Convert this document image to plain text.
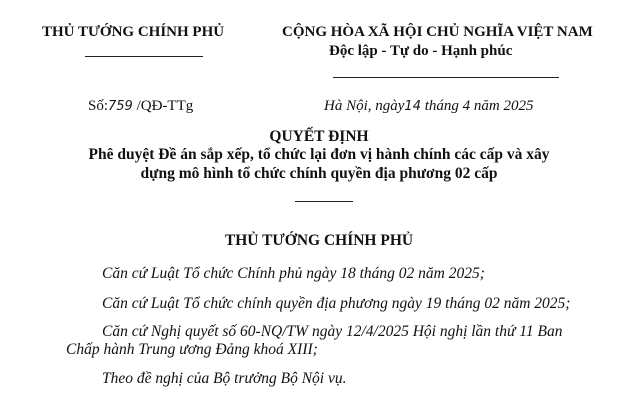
THỦ TƯỚNG CHÍNH PHỦ	CỘNG HÒA XÃ HỘI CHỦ NGHĨA VIỆT NAM
Độc lập - Tự do - Hạnh phúc
Số:759 /QĐ-TTg	Hà Nội, ngày14 tháng 4 năm 2025
QUYẾT ĐỊNH
Phê duyệt Đề án sắp xếp, tổ chức lại đơn vị hành chính các cấp và xây
dựng mô hình tổ chức chính quyền địa phương 02 cấp
THỦ TƯỚNG CHÍNH PHỦ
Căn cứ Luật Tổ chức Chính phủ ngày 18 tháng 02 năm 2025;
Căn cứ Luật Tổ chức chính quyền địa phương ngày 19 tháng 02 năm 2025;
Căn cứ Nghị quyết số 60-NQ/TW ngày 12/4/2025 Hội nghị lần thứ 11 Ban
Chấp hành Trung ương Đảng khoá XIII;
Theo đề nghị của Bộ trưởng Bộ Nội vụ.
